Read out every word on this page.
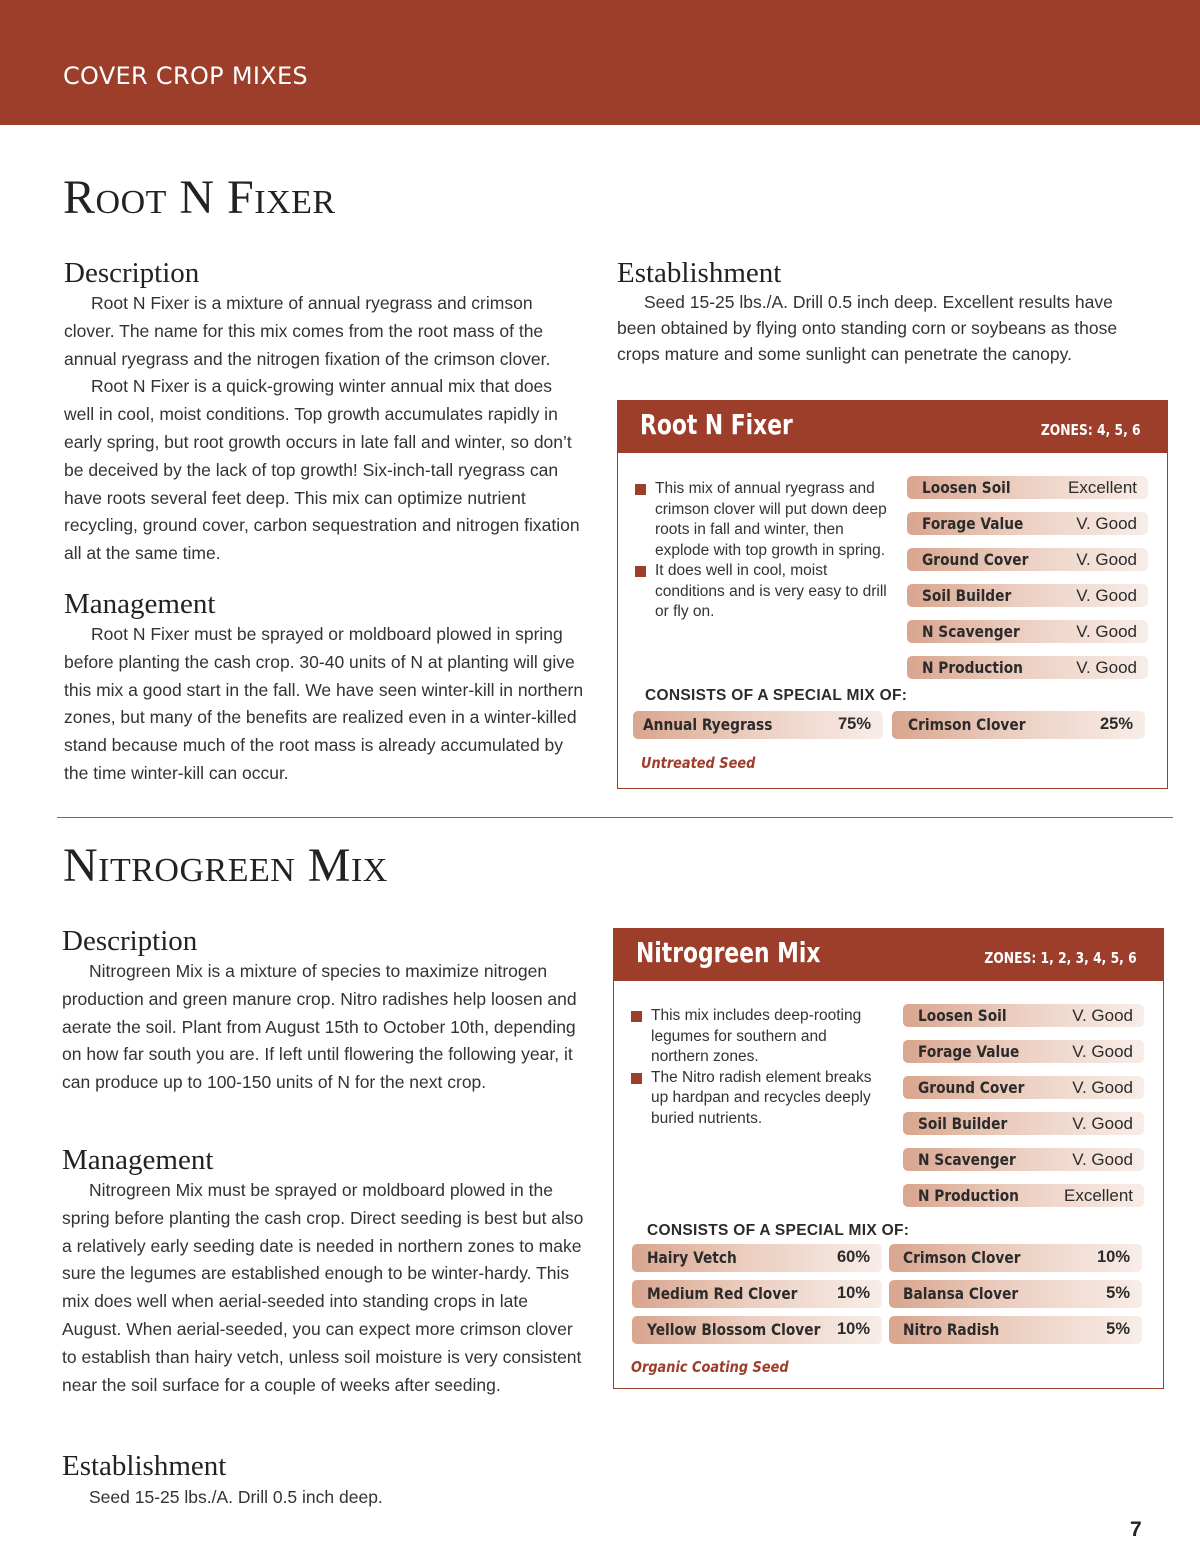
COVER CROP MIXES
Root N Fixer
Description

Root N Fixer is a mixture of annual ryegrass and crimson clover. The name for this mix comes from the root mass of the annual ryegrass and the nitrogen fixation of the crimson clover.

Root N Fixer is a quick-growing winter annual mix that does well in cool, moist conditions. Top growth accumulates rapidly in early spring, but root growth occurs in late fall and winter, so don’t be deceived by the lack of top growth! Six-inch-tall ryegrass can have roots several feet deep. This mix can optimize nutrient recycling, ground cover, carbon sequestration and nitrogen fixation all at the same time.

Management

Root N Fixer must be sprayed or moldboard plowed in spring before planting the cash crop. 30-40 units of N at planting will give this mix a good start in the fall. We have seen winter-kill in northern zones, but many of the benefits are realized even in a winter-killed stand because much of the root mass is already accumulated by the time winter-kill can occur.

Establishment

Seed 15-25 lbs./A. Drill 0.5 inch deep. Excellent results have been obtained by flying onto standing corn or soybeans as those crops mature and some sunlight can penetrate the canopy.

Root N Fixer	ZONES: 4, 5, 6
This mix of annual ryegrass and crimson clover will put down deep roots in fall and winter, then explode with top growth in spring.
It does well in cool, moist conditions and is very easy to drill or fly on.
Loosen Soil	Excellent
Forage Value	V. Good
Ground Cover	V. Good
Soil Builder	V. Good
N Scavenger	V. Good
N Production	V. Good
CONSISTS OF A SPECIAL MIX OF:
Annual Ryegrass	75% Crimson Clover	25%
Untreated Seed
Nitrogreen Mix
Description

Nitrogreen Mix is a mixture of species to maximize nitrogen production and green manure crop. Nitro radishes help loosen and aerate the soil. Plant from August 15th to October 10th, depending on how far south you are. If left until flowering the following year, it can produce up to 100-150 units of N for the next crop.

Management

Nitrogreen Mix must be sprayed or moldboard plowed in the spring before planting the cash crop. Direct seeding is best but also a relatively early seeding date is needed in northern zones to make sure the legumes are established enough to be winter-hardy. This mix does well when aerial-seeded into standing crops in late August. When aerial-seeded, you can expect more crimson clover to establish than hairy vetch, unless soil moisture is very consistent near the soil surface for a couple of weeks after seeding.

Establishment

Seed 15-25 lbs./A. Drill 0.5 inch deep.

Nitrogreen Mix	ZONES: 1, 2, 3, 4, 5, 6
This mix includes deep-rooting legumes for southern and northern zones.
The Nitro radish element breaks up hardpan and recycles deeply buried nutrients.
Loosen Soil	V. Good
Forage Value	V. Good
Ground Cover	V. Good
Soil Builder	V. Good
N Scavenger	V. Good
N Production	Excellent
CONSISTS OF A SPECIAL MIX OF:
Hairy Vetch	60% Crimson Clover	10%
Medium Red Clover 10% Balansa Clover	5%
Yellow Blossom Clover 10% Nitro Radish	5%
Organic Coating Seed
7
